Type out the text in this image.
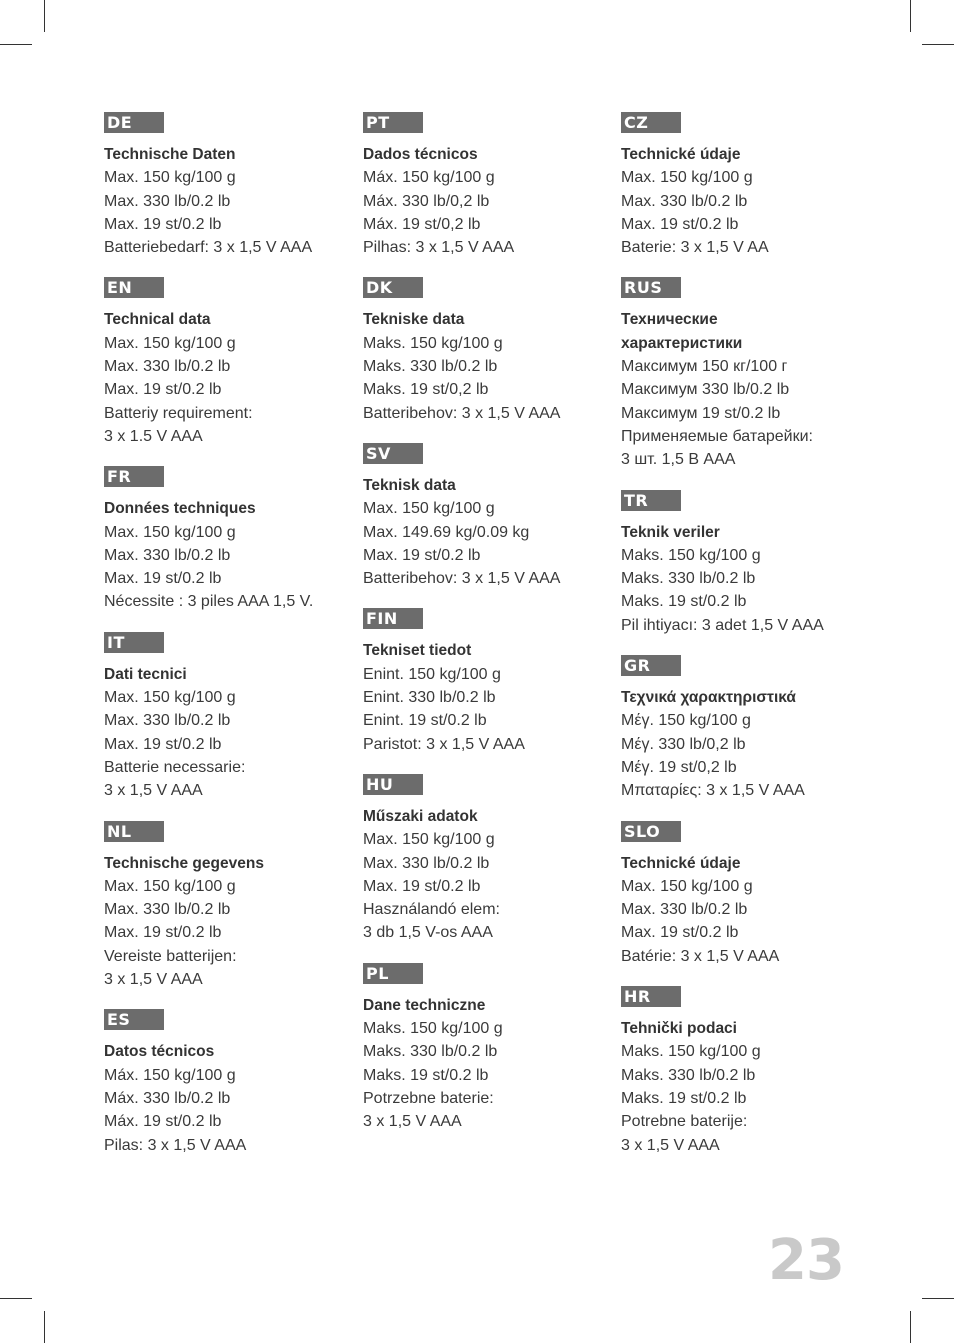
DE
Technische Daten
Max. 150 kg/100 g
Max. 330 lb/0.2 lb
Max. 19 st/0.2 lb
Batteriebedarf: 3 x 1,5 V AAA
EN
Technical data
Max. 150 kg/100 g
Max. 330 lb/0.2 lb
Max. 19 st/0.2 lb
Batteriy requirement:
3 x 1.5 V AAA
FR
Données techniques
Max. 150 kg/100 g
Max. 330 lb/0.2 lb
Max. 19 st/0.2 lb
Nécessite : 3 piles AAA 1,5 V.
IT
Dati tecnici
Max. 150 kg/100 g
Max. 330 lb/0.2 lb
Max. 19 st/0.2 lb
Batterie necessarie:
3 x 1,5 V AAA
NL
Technische gegevens
Max. 150 kg/100 g
Max. 330 lb/0.2 lb
Max. 19 st/0.2 lb
Vereiste batterijen:
3 x 1,5 V AAA
ES
Datos técnicos
Máx. 150 kg/100 g
Máx. 330 lb/0.2 lb
Máx. 19 st/0.2 lb
Pilas: 3 x 1,5 V AAA
PT
Dados técnicos
Máx. 150 kg/100 g
Máx. 330 lb/0,2 lb
Máx. 19 st/0,2 lb
Pilhas: 3 x 1,5 V AAA
DK
Tekniske data
Maks. 150 kg/100 g
Maks. 330 lb/0.2 lb
Maks. 19 st/0,2 lb
Batteribehov: 3 x 1,5 V AAA
SV
Teknisk data
Max. 150 kg/100 g
Max. 149.69 kg/0.09 kg
Max. 19 st/0.2 lb
Batteribehov: 3 x 1,5 V AAA
FIN
Tekniset tiedot
Enint. 150 kg/100 g
Enint. 330 lb/0.2 lb
Enint. 19 st/0.2 lb
Paristot: 3 x 1,5 V AAA
HU
Műszaki adatok
Max. 150 kg/100 g
Max. 330 lb/0.2 lb
Max. 19 st/0.2 lb
Használandó elem:
3 db 1,5 V-os AAA
PL
Dane techniczne
Maks. 150 kg/100 g
Maks. 330 lb/0.2 lb
Maks. 19 st/0.2 lb
Potrzebne baterie:
3 x 1,5 V AAA
CZ
Technické údaje
Max. 150 kg/100 g
Max. 330 lb/0.2 lb
Max. 19 st/0.2 lb
Baterie: 3 x 1,5 V AA
RUS
Технические характеристики
Максимум 150 кг/100 г
Максимум 330 lb/0.2 lb
Максимум 19 st/0.2 lb
Применяемые батарейки:
3 шт. 1,5 В AAA
TR
Teknik veriler
Maks. 150 kg/100 g
Maks. 330 lb/0.2 lb
Maks. 19 st/0.2 lb
Pil ihtiyacı: 3 adet 1,5 V AAA
GR
Τεχνικά χαρακτηριστικά
Μέγ. 150 kg/100 g
Μέγ. 330 lb/0,2 lb
Μέγ. 19 st/0,2 lb
Μπαταρίες: 3 x 1,5 V AAA
SLO
Technické údaje
Max. 150 kg/100 g
Max. 330 lb/0.2 lb
Max. 19 st/0.2 lb
Batérie: 3 x 1,5 V AAA
HR
Tehnički podaci
Maks. 150 kg/100 g
Maks. 330 lb/0.2 lb
Maks. 19 st/0.2 lb
Potrebne baterije:
3 x 1,5 V AAA
23
